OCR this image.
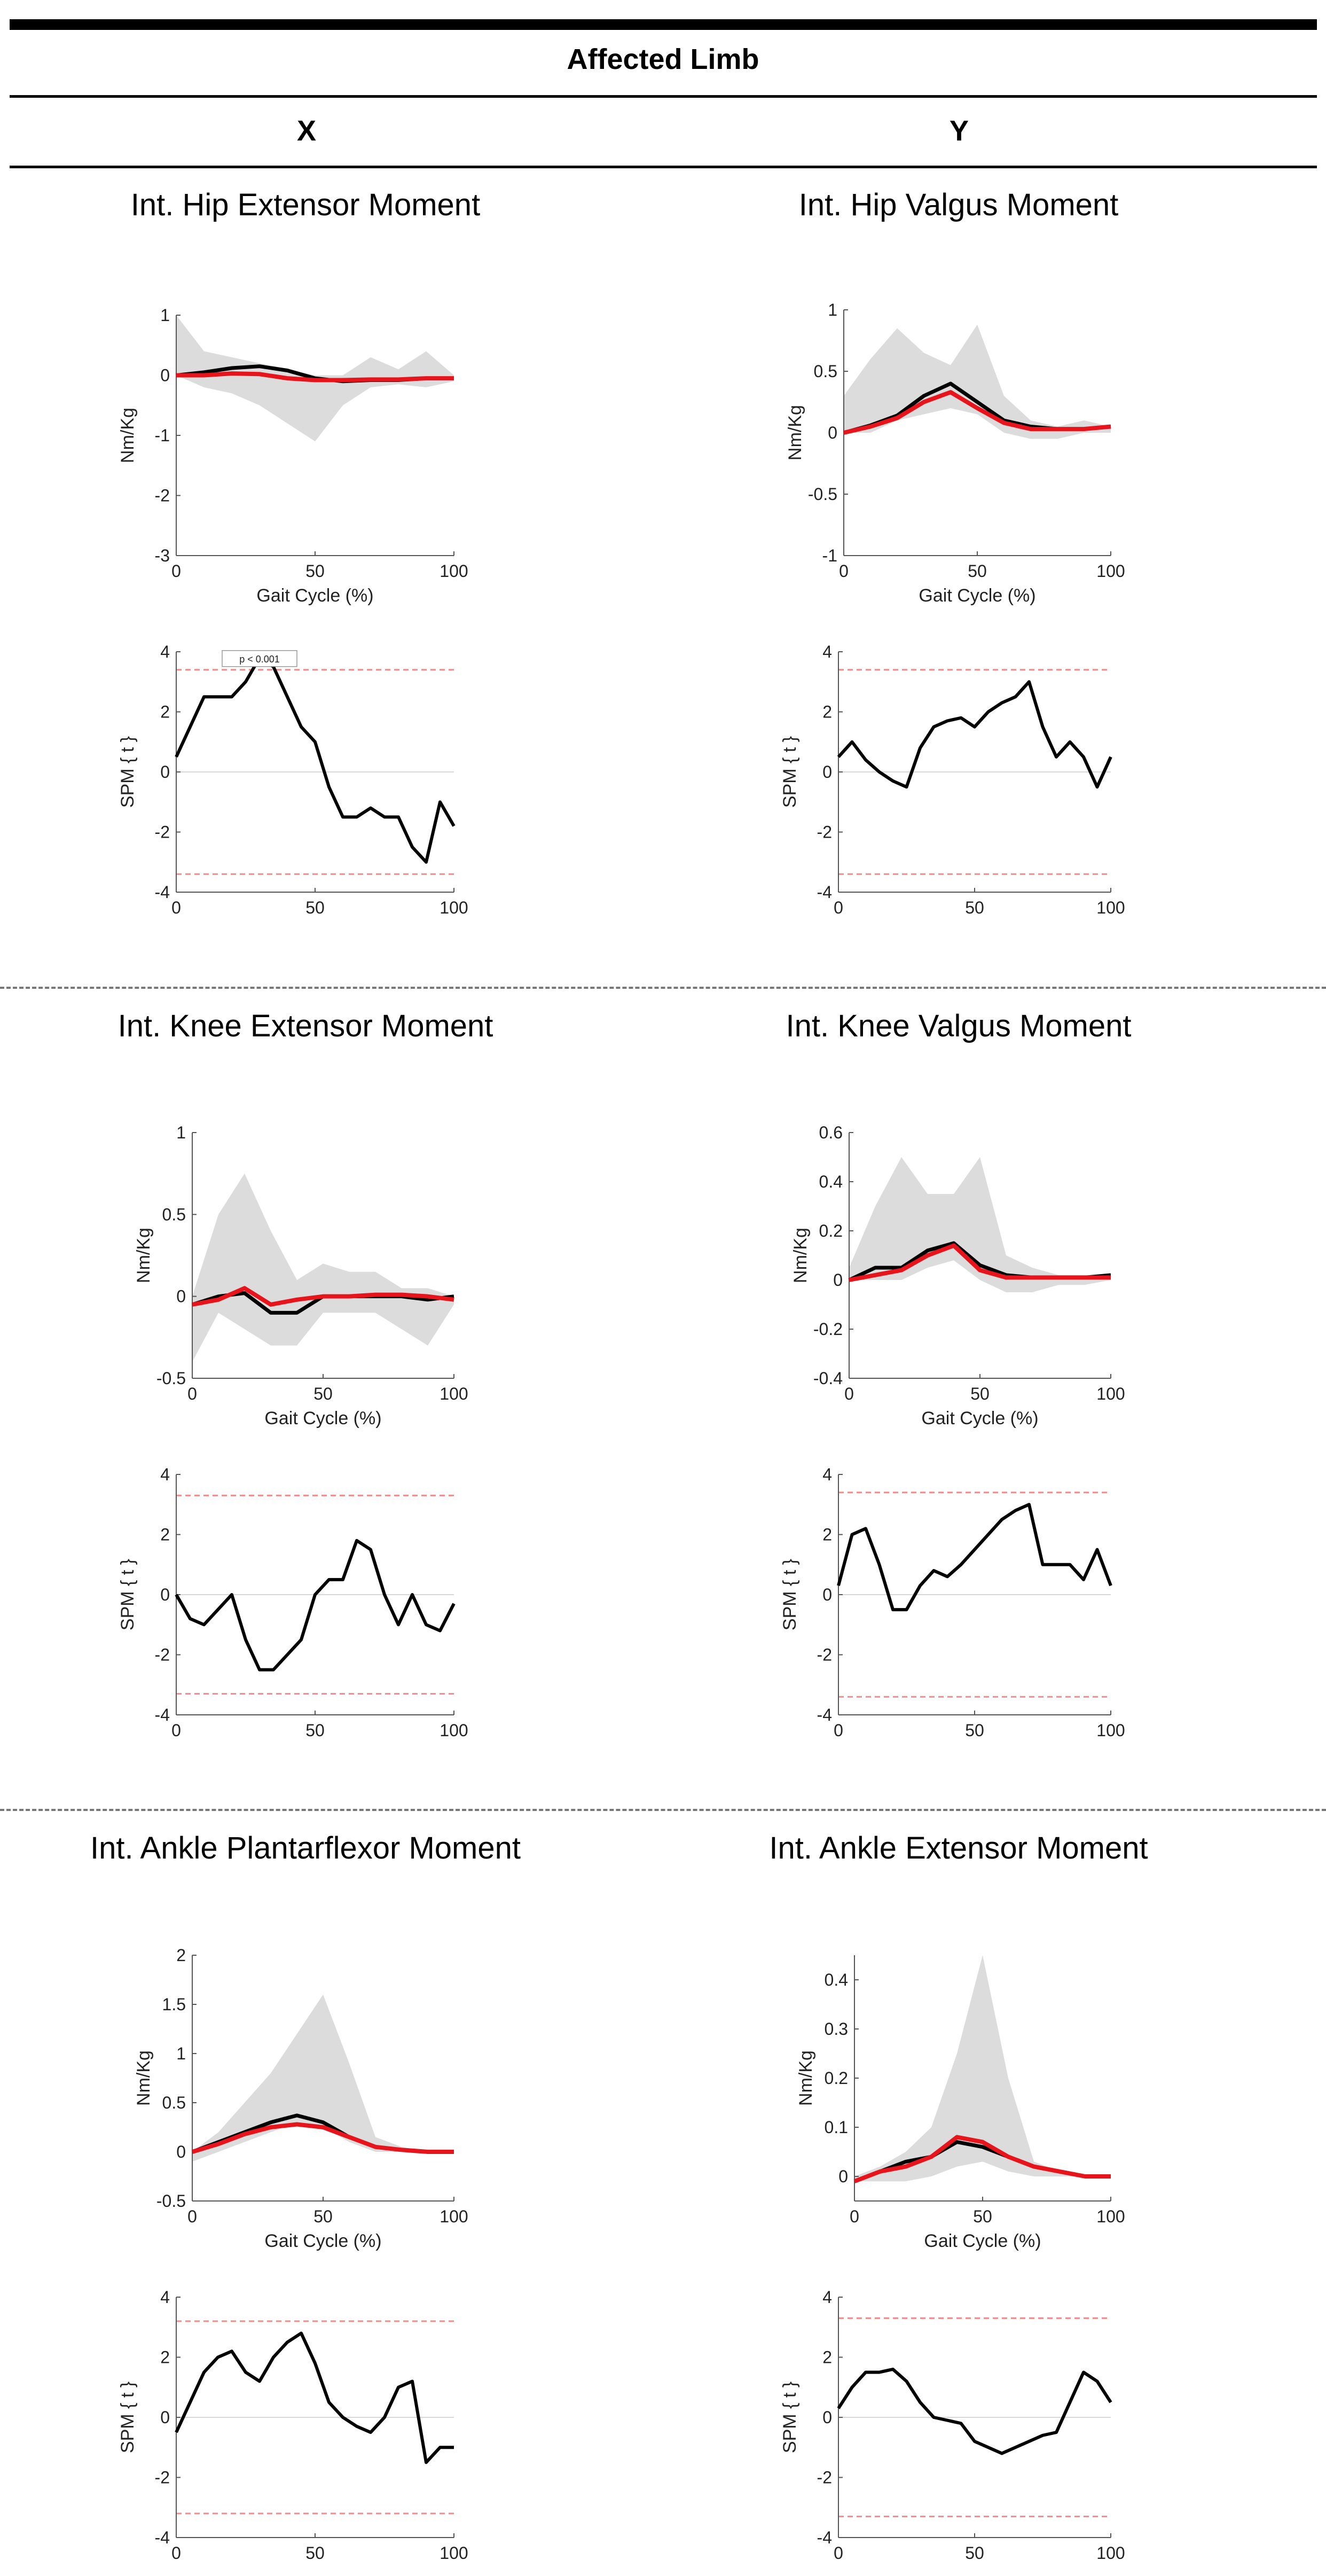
Affected Limb
X	Y
Int. Hip Extensor Moment	Int. Hip Valgus Moment
Int. Knee Extensor Moment	Int. Knee Valgus Moment
Int. Ankle Plantarflexor Moment	Int. Ankle Extensor Moment
1
0
-1
-2
-3
0	50	100
Gait Cycle (%)
Nm/Kg
1
0.5
0
-0.5
-1
0	50	100
Gait Cycle (%)
Nm/Kg
1
0.5
0
-0.5
0	50	100
Gait Cycle (%)
Nm/Kg
0.6
0.4
0.2
0
-0.2
-0.4
0	50	100
Gait Cycle (%)
Nm/Kg
2
1.5
1
0.5
0
-0.5
0	50	100
Gait Cycle (%)
Nm/Kg
0.4
0.3
0.2
0.1
0
0	50	100
Gait Cycle (%)
Nm/Kg
4
2
0
-2
-4
0	50	100
SPM { t }
p < 0.001	4
2
0
-2
-4
0	50	100
SPM { t }
4
2
0
-2
-4
0	50	100
SPM { t }
4
2
0
-2
-4
0	50	100
SPM { t }
4
2
0
-2
-4
0	50	100
SPM { t }
4
2
0
-2
-4
0	50	100
SPM { t }
